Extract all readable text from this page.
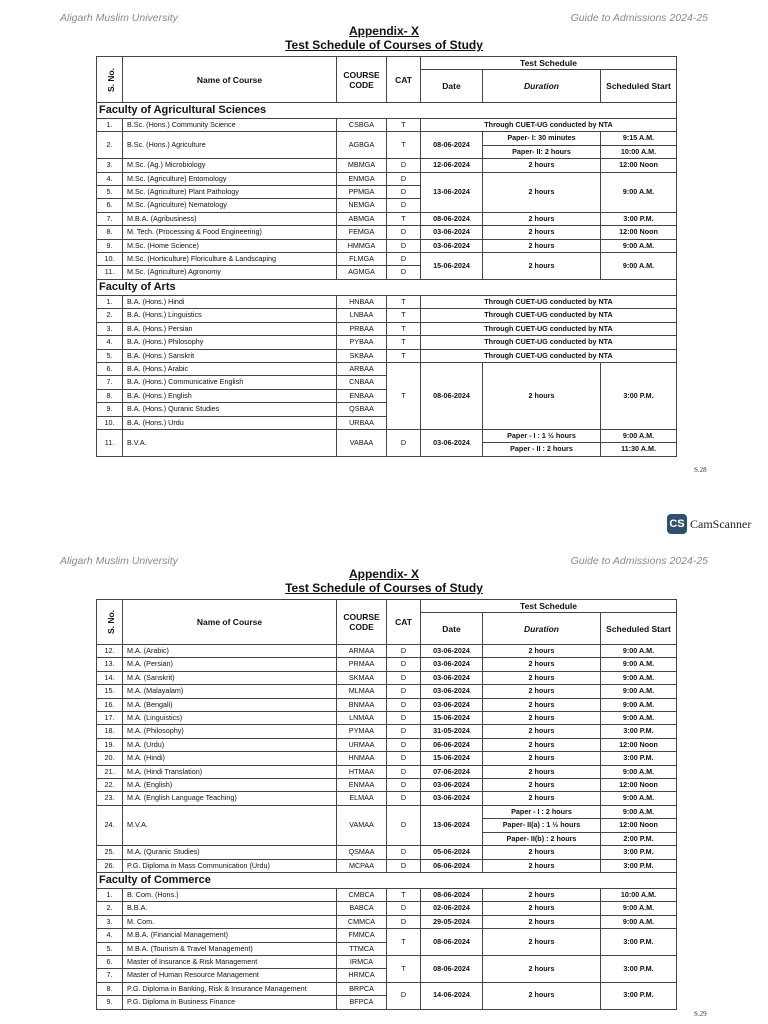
Aligarh Muslim University	Guide to Admissions 2024-25
Appendix- X
Test Schedule of Courses of Study
S. No.	Name of Course	COURSE CODE	CAT	Test Schedule		
				Date	Duration	Scheduled Start
Faculty of Agricultural Sciences						
1.	B.Sc. (Hons.) Community Science	CSBGA	T	Through CUET-UG conducted by NTA		
2.	B.Sc. (Hons.) Agriculture	AGBGA	T	08-06-2024	Paper- I: 30 minutes	9:15 A.M.
					Paper- II: 2 hours	10:00 A.M.
3.	M.Sc. (Ag.) Microbiology	MBMGA	D	12-06-2024	2 hours	12:00 Noon
4.	M.Sc. (Agriculture) Entomology	ENMGA	D	13-06-2024	2 hours	9:00 A.M.
5.	M.Sc. (Agriculture) Plant Pathology	PPMGA	D			
6.	M.Sc. (Agriculture) Nematology	NEMGA	D			
7.	M.B.A. (Agribusiness)	ABMGA	T	08-06-2024	2 hours	3:00 P.M.
8.	M. Tech. (Processing & Food Engineering)	FEMGA	D	03-06-2024	2 hours	12:00 Noon
9.	M.Sc. (Home Science)	HMMGA	D	03-06-2024	2 hours	9:00 A.M.
10.	M.Sc. (Horticulture) Floriculture & Landscaping	FLMGA	D	15-06-2024	2 hours	9:00 A.M.
11.	M.Sc. (Agriculture) Agronomy	AGMGA	D			
Faculty of Arts						
1.	B.A. (Hons.) Hindi	HNBAA	T	Through CUET-UG conducted by NTA		
2.	B.A. (Hons.) Linguistics	LNBAA	T	Through CUET-UG conducted by NTA		
3.	B.A. (Hons.) Persian	PRBAA	T	Through CUET-UG conducted by NTA		
4.	B.A. (Hons.) Philosophy	PYBAA	T	Through CUET-UG conducted by NTA		
5.	B.A. (Hons.) Sanskrit	SKBAA	T	Through CUET-UG conducted by NTA		
6.	B.A. (Hons.) Arabic	ARBAA	T	08-06-2024	2 hours	3:00 P.M.
7.	B.A. (Hons.) Communicative English	CNBAA				
8.	B.A. (Hons.) English	ENBAA				
9.	B.A. (Hons.) Quranic Studies	QSBAA				
10.	B.A. (Hons.) Urdu	URBAA				
11.	B.V.A.	VABAA	D	03-06-2024	Paper - I : 1 ½ hours	9:00 A.M.
					Paper - II : 2 hours	11:30 A.M.
S.28
CS CamScanner
Aligarh Muslim University	Guide to Admissions 2024-25
Appendix- X
Test Schedule of Courses of Study
S. No.	Name of Course	COURSE CODE	CAT	Test Schedule		
				Date	Duration	Scheduled Start
12.	M.A. (Arabic)	ARMAA	D	03-06-2024	2 hours	9:00 A.M.
13.	M.A. (Persian)	PRMAA	D	03-06-2024	2 hours	9:00 A.M.
14.	M.A. (Sanskrit)	SKMAA	D	03-06-2024	2 hours	9:00 A.M.
15.	M.A. (Malayalam)	MLMAA	D	03-06-2024	2 hours	9:00 A.M.
16.	M.A. (Bengali)	BNMAA	D	03-06-2024	2 hours	9:00 A.M.
17.	M.A. (Linguistics)	LNMAA	D	15-06-2024	2 hours	9:00 A.M.
18.	M.A. (Philosophy)	PYMAA	D	31-05-2024	2 hours	3:00 P.M.
19.	M.A. (Urdu)	URMAA	D	06-06-2024	2 hours	12:00 Noon
20.	M.A. (Hindi)	HNMAA	D	15-06-2024	2 hours	3:00 P.M.
21.	M.A. (Hindi Translation)	HTMAA	D	07-06-2024	2 hours	9:00 A.M.
22.	M.A. (English)	ENMAA	D	03-06-2024	2 hours	12:00 Noon
23.	M.A. (English Language Teaching)	ELMAA	D	03-06-2024	2 hours	9:00 A.M.
24.	M.V.A.	VAMAA	D	13-06-2024	Paper - I : 2 hours	9:00 A.M.
					Paper- II(a) : 1 ½ hours	12:00 Noon
					Paper- II(b) : 2 hours	2:00 P.M.
25.	M.A. (Quranic Studies)	QSMAA	D	05-06-2024	2 hours	3:00 P.M.
26.	P.G. Diploma in Mass Communication (Urdu)	MCPAA	D	06-06-2024	2 hours	3:00 P.M.
Faculty of Commerce						
1.	B. Com. (Hons.)	CMBCA	T	08-06-2024	2 hours	10:00 A.M.
2.	B.B.A.	BABCA	D	02-06-2024	2 hours	9:00 A.M.
3.	M. Com.	CMMCA	D	29-05-2024	2 hours	9:00 A.M.
4.	M.B.A. (Financial Management)	FMMCA	T	08-06-2024	2 hours	3:00 P.M.
5.	M.B.A. (Tourism & Travel Management)	TTMCA				
6.	Master of Insurance & Risk Management	IRMCA	T	08-06-2024	2 hours	3:00 P.M.
7.	Master of Human Resource Management	HRMCA				
8.	P.G. Diploma in Banking, Risk & Insurance Management	BRPCA	D	14-06-2024	2 hours	3:00 P.M.
9.	P.G. Diploma in Business Finance	BFPCA				
S.29
